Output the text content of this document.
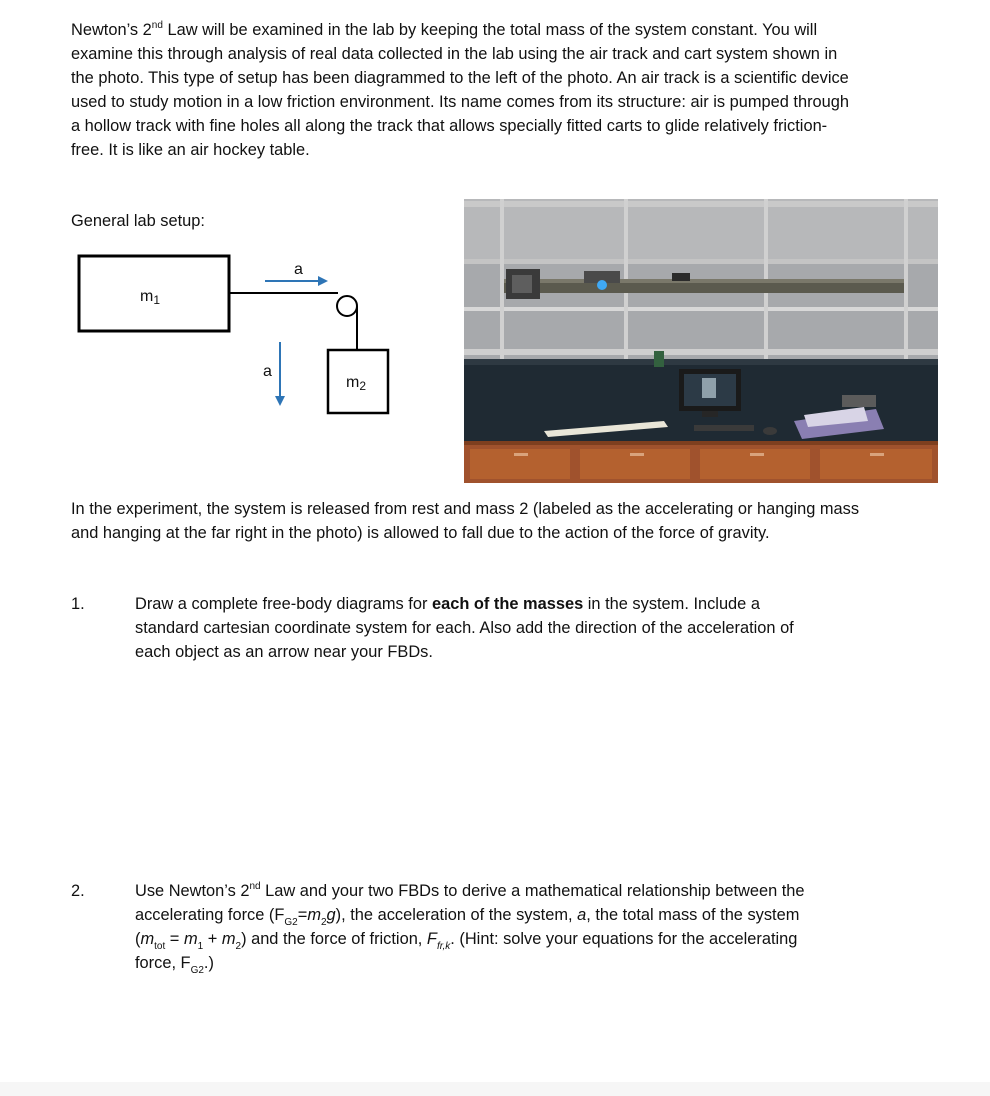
Newton’s 2nd Law will be examined in the lab by keeping the total mass of the system constant. You will examine this through analysis of real data collected in the lab using the air track and cart system shown in the photo. This type of setup has been diagrammed to the left of the photo. An air track is a scientific device used to study motion in a low friction environment. Its name comes from its structure: air is pumped through a hollow track with fine holes all along the track that allows specially fitted carts to glide relatively friction-free. It is like an air hockey table.

General lab setup:
m1
m2
a
a

In the experiment, the system is released from rest and mass 2 (labeled as the accelerating or hanging mass and hanging at the far right in the photo) is allowed to fall due to the action of the force of gravity.

1.	Draw a complete free-body diagrams for each of the masses in the system. Include a standard cartesian coordinate system for each. Also add the direction of the acceleration of each object as an arrow near your FBDs.
2.	Use Newton’s 2nd Law and your two FBDs to derive a mathematical relationship between the accelerating force $(F_{G2}=m_2g)$, the acceleration of the system, a, the total mass of the system $(m_{tot} = m_1 + m_2)$ and the force of friction, $F_{fr,k}$. (Hint: solve your equations for the accelerating force, $F_{G2}$.)
